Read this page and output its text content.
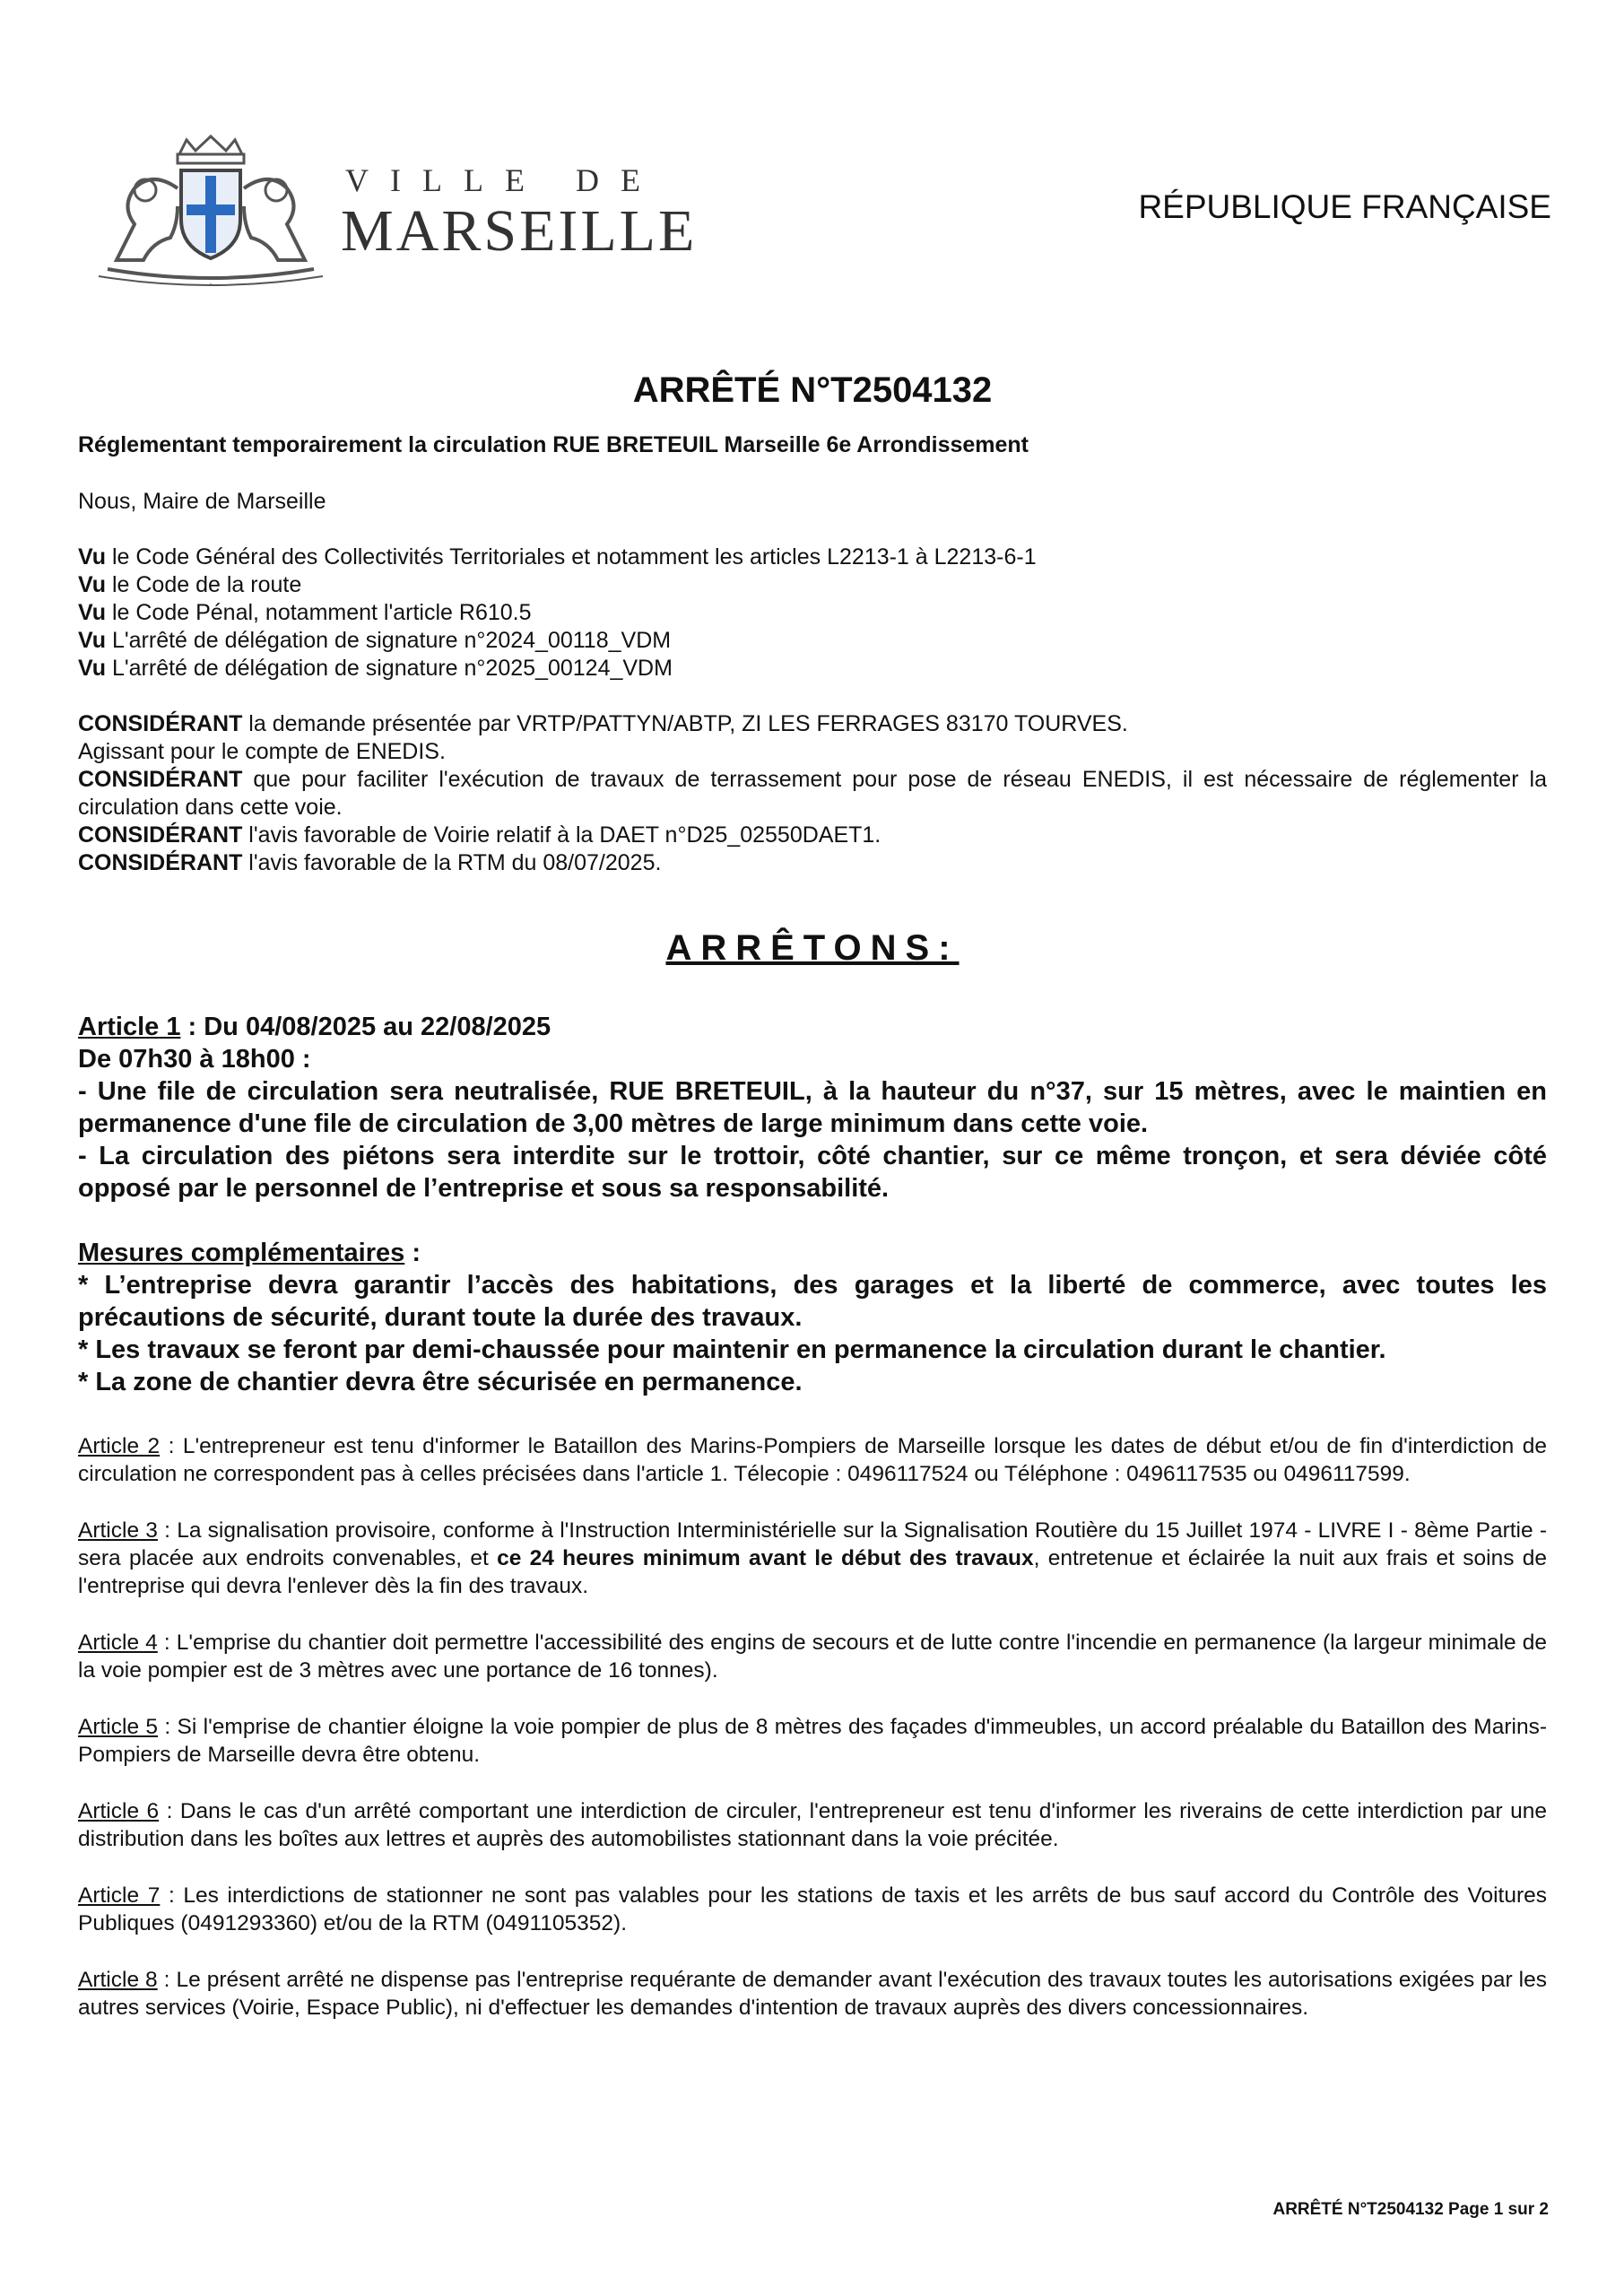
·
VILLE DE
MARSEILLE	RÉPUBLIQUE FRANÇAISE
ARRÊTÉ N°T2504132
Réglementant temporairement la circulation RUE BRETEUIL Marseille 6e Arrondissement

Nous, Maire de Marseille

Vu le Code Général des Collectivités Territoriales et notamment les articles L2213-1 à L2213-6-1
Vu le Code de la route
Vu le Code Pénal, notamment l'article R610.5
Vu L'arrêté de délégation de signature n°2024_00118_VDM
Vu L'arrêté de délégation de signature n°2025_00124_VDM
CONSIDÉRANT la demande présentée par VRTP/PATTYN/ABTP, ZI LES FERRAGES 83170 TOURVES.
Agissant pour le compte de ENEDIS.
CONSIDÉRANT que pour faciliter l'exécution de travaux de terrassement pour pose de réseau ENEDIS, il est nécessaire de réglementer la circulation dans cette voie.
CONSIDÉRANT l'avis favorable de Voirie relatif à la DAET n°D25_02550DAET1.
CONSIDÉRANT l'avis favorable de la RTM du 08/07/2025.
ARRÊTONS:
Article 1 : Du 04/08/2025 au 22/08/2025
De 07h30 à 18h00 :
- Une file de circulation sera neutralisée, RUE BRETEUIL, à la hauteur du n°37, sur 15 mètres, avec le maintien en permanence d'une file de circulation de 3,00 mètres de large minimum dans cette voie.
- La circulation des piétons sera interdite sur le trottoir, côté chantier, sur ce même tronçon, et sera déviée côté opposé par le personnel de l’entreprise et sous sa responsabilité.
Mesures complémentaires :
* L’entreprise devra garantir l’accès des habitations, des garages et la liberté de commerce, avec toutes les précautions de sécurité, durant toute la durée des travaux.
* Les travaux se feront par demi-chaussée pour maintenir en permanence la circulation durant le chantier.
* La zone de chantier devra être sécurisée en permanence.

Article 2 : L'entrepreneur est tenu d'informer le Bataillon des Marins-Pompiers de Marseille lorsque les dates de début et/ou de fin d'interdiction de circulation ne correspondent pas à celles précisées dans l'article 1. Télecopie : 0496117524 ou Téléphone : 0496117535 ou 0496117599.

Article 3 : La signalisation provisoire, conforme à l'Instruction Interministérielle sur la Signalisation Routière du 15 Juillet 1974 - LIVRE I - 8ème Partie - sera placée aux endroits convenables, et ce 24 heures minimum avant le début des travaux, entretenue et éclairée la nuit aux frais et soins de l'entreprise qui devra l'enlever dès la fin des travaux.

Article 4 : L'emprise du chantier doit permettre l'accessibilité des engins de secours et de lutte contre l'incendie en permanence (la largeur minimale de la voie pompier est de 3 mètres avec une portance de 16 tonnes).

Article 5 : Si l'emprise de chantier éloigne la voie pompier de plus de 8 mètres des façades d'immeubles, un accord préalable du Bataillon des Marins-Pompiers de Marseille devra être obtenu.

Article 6 : Dans le cas d'un arrêté comportant une interdiction de circuler, l'entrepreneur est tenu d'informer les riverains de cette interdiction par une distribution dans les boîtes aux lettres et auprès des automobilistes stationnant dans la voie précitée.

Article 7 : Les interdictions de stationner ne sont pas valables pour les stations de taxis et les arrêts de bus sauf accord du Contrôle des Voitures Publiques (0491293360) et/ou de la RTM (0491105352).

Article 8 : Le présent arrêté ne dispense pas l'entreprise requérante de demander avant l'exécution des travaux toutes les autorisations exigées par les autres services (Voirie, Espace Public), ni d'effectuer les demandes d'intention de travaux auprès des divers concessionnaires.

ARRÊTÉ N°T2504132 Page 1 sur 2
